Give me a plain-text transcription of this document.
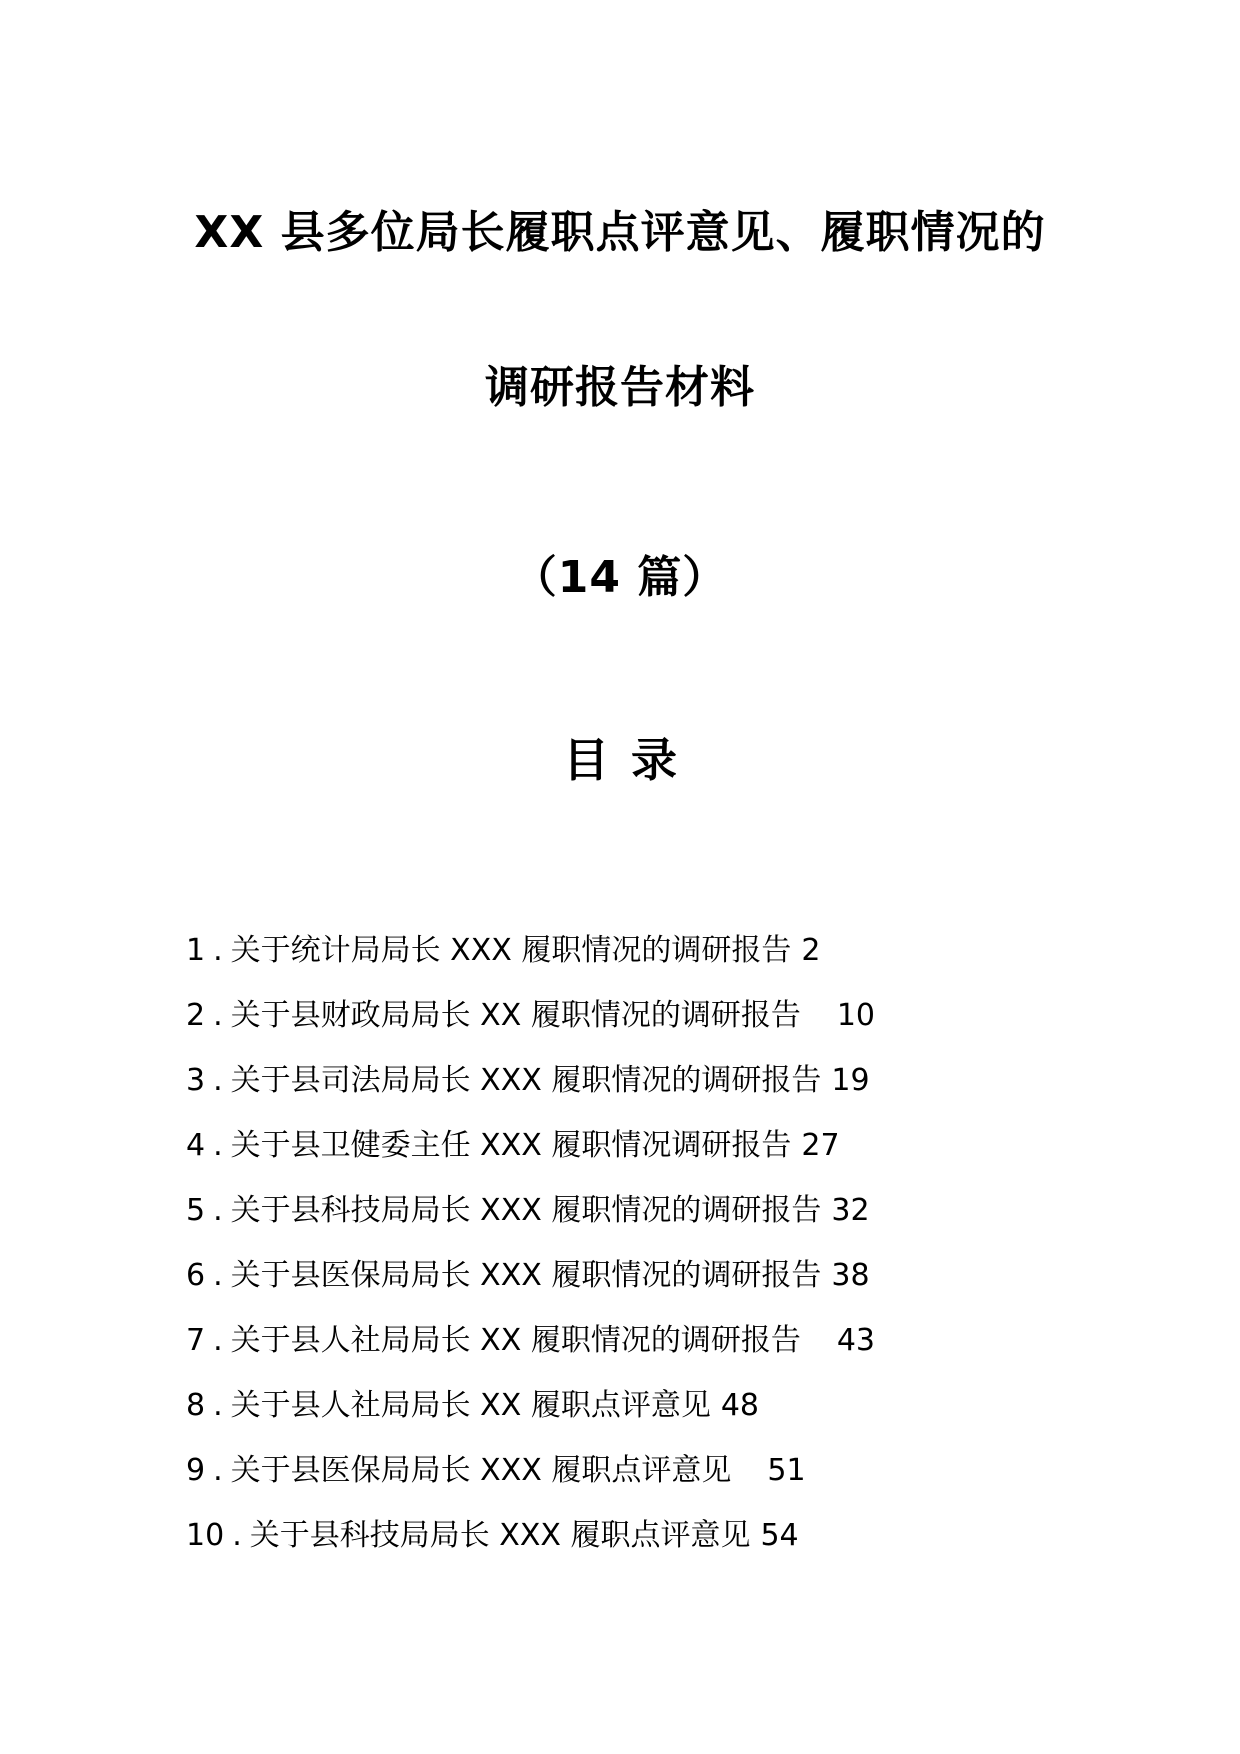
XX 县多位局长履职点评意见、履职情况的
调研报告材料
（14 篇）
目录
1 . 关于统计局局长 XXX 履职情况的调研报告 2
2 . 关于县财政局局长 XX 履职情况的调研报告 10
3 . 关于县司法局局长 XXX 履职情况的调研报告 19
4 . 关于县卫健委主任 XXX 履职情况调研报告 27
5 . 关于县科技局局长 XXX 履职情况的调研报告 32
6 . 关于县医保局局长 XXX 履职情况的调研报告 38
7 . 关于县人社局局长 XX 履职情况的调研报告 43
8 . 关于县人社局局长 XX 履职点评意见 48
9 . 关于县医保局局长 XXX 履职点评意见 51
10 . 关于县科技局局长 XXX 履职点评意见 54
